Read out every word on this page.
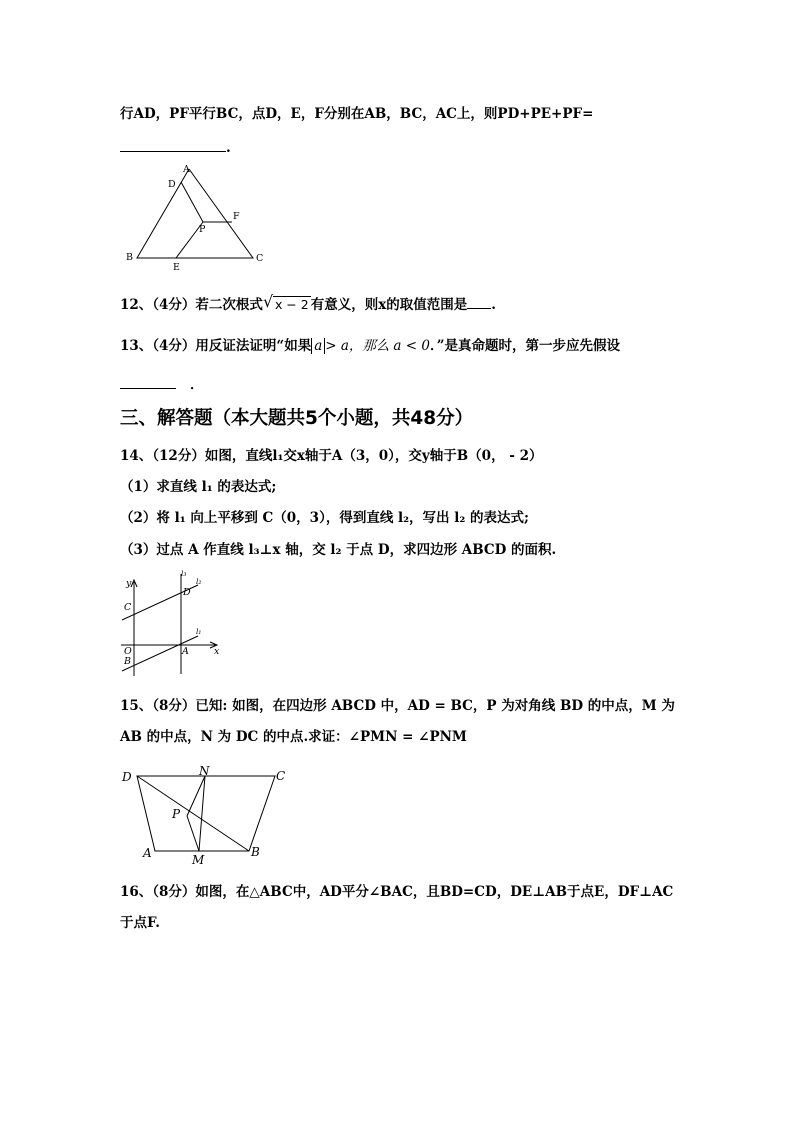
行AD，PF平行BC，点D，E，F分别在AB，BC，AC上，则PD+PE+PF=
.
A
D
F
P
B
E
C
12、（4分）若二次根式 √ x − 2 有意义，则x的取值范围是 .
13、（4分）用反证法证明“如果 a > a，那么 a < 0．”是真命题时，第一步应先假设
．
三、解答题（本大题共5个小题，共48分）
14、（12分）如图，直线l₁交x轴于A（3，0），交y轴于B（0， - 2）
（1）求直线 l₁ 的表达式;
（2）将 l₁ 向上平移到 C（0，3），得到直线 l₂，写出 l₂ 的表达式;
（3）过点 A 作直线 l₃⊥x 轴，交 l₂ 于点 D，求四边形 ABCD 的面积.
y
x
O	A
B
C
D
l₁
l₂
l₃
15、（8分）已知: 如图，在四边形 ABCD 中，AD = BC，P 为对角线 BD 的中点，M 为
AB 的中点，N 为 DC 的中点.求证：∠PMN = ∠PNM
D	N	C
P
A	M
B
16、（8分）如图，在△ABC中，AD平分∠BAC，且BD=CD，DE⊥AB于点E，DF⊥AC
于点F.
